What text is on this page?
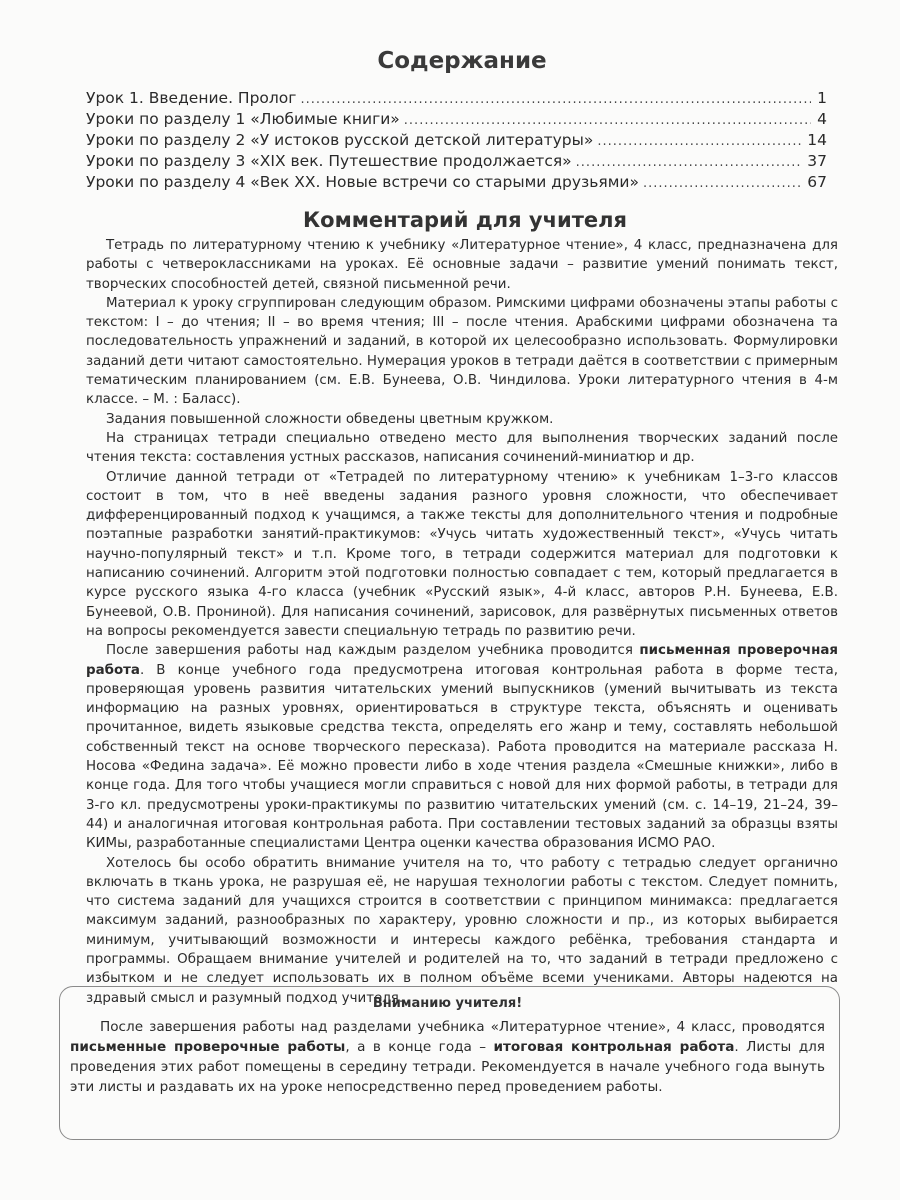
Содержание
Урок 1. Введение. Пролог .....	1
Уроки по разделу 1 «Любимые книги» .....	4
Уроки по разделу 2 «У истоков русской детской литературы» .....	14
Уроки по разделу 3 «XIX век. Путешествие продолжается» .....	37
Уроки по разделу 4 «Век XX. Новые встречи со старыми друзьями» .....	67
Комментарий для учителя

Тетрадь по литературному чтению к учебнику «Литературное чтение», 4 класс, предназначена для работы с четвероклассниками на уроках. Её основные задачи – развитие умений понимать текст, творческих способностей детей, связной письменной речи.

Материал к уроку сгруппирован следующим образом. Римскими цифрами обозначены этапы работы с текстом: I – до чтения; II – во время чтения; III – после чтения. Арабскими цифрами обозначена та последовательность упражнений и заданий, в которой их целесообразно использовать. Формулировки заданий дети читают самостоятельно. Нумерация уроков в тетради даётся в соответствии с примерным тематическим планированием (см. Е.В. Бунеева, О.В. Чиндилова. Уроки литературного чтения в 4-м классе. – М. : Баласс).

Задания повышенной сложности обведены цветным кружком.

На страницах тетради специально отведено место для выполнения творческих заданий после чтения текста: составления устных рассказов, написания сочинений-миниатюр и др.

Отличие данной тетради от «Тетрадей по литературному чтению» к учебникам 1–3-го классов состоит в том, что в неё введены задания разного уровня сложности, что обеспечивает дифференцированный подход к учащимся, а также тексты для дополнительного чтения и подробные поэтапные разработки занятий-практикумов: «Учусь читать художественный текст», «Учусь читать научно-популярный текст» и т.п. Кроме того, в тетради содержится материал для подготовки к написанию сочинений. Алгоритм этой подготовки полностью совпадает с тем, который предлагается в курсе русского языка 4-го класса (учебник «Русский язык», 4-й класс, авторов Р.Н. Бунеева, Е.В. Бунеевой, О.В. Прониной). Для написания сочинений, зарисовок, для развёрнутых письменных ответов на вопросы рекомендуется завести специальную тетрадь по развитию речи.

После завершения работы над каждым разделом учебника проводится письменная проверочная работа. В конце учебного года предусмотрена итоговая контрольная работа в форме теста, проверяющая уровень развития читательских умений выпускников (умений вычитывать из текста информацию на разных уровнях, ориентироваться в структуре текста, объяснять и оценивать прочитанное, видеть языковые средства текста, определять его жанр и тему, составлять небольшой собственный текст на основе творческого пересказа). Работа проводится на материале рассказа Н. Носова «Федина задача». Её можно провести либо в ходе чтения раздела «Смешные книжки», либо в конце года. Для того чтобы учащиеся могли справиться с новой для них формой работы, в тетради для 3-го кл. предусмотрены уроки-практикумы по развитию читательских умений (см. с. 14–19, 21–24, 39–44) и аналогичная итоговая контрольная работа. При составлении тестовых заданий за образцы взяты КИМы, разработанные специалистами Центра оценки качества образования ИСМО РАО.

Хотелось бы особо обратить внимание учителя на то, что работу с тетрадью следует органично включать в ткань урока, не разрушая её, не нарушая технологии работы с текстом. Следует помнить, что система заданий для учащихся строится в соответствии с принципом минимакса: предлагается максимум заданий, разнообразных по характеру, уровню сложности и пр., из которых выбирается минимум, учитывающий возможности и интересы каждого ребёнка, требования стандарта и программы. Обращаем внимание учителей и родителей на то, что заданий в тетради предложено с избытком и не следует использовать их в полном объёме всеми учениками. Авторы надеются на здравый смысл и разумный подход учителя.

Вниманию учителя!

После завершения работы над разделами учебника «Литературное чтение», 4 класс, проводятся письменные проверочные работы, а в конце года – итоговая контрольная работа. Листы для проведения этих работ помещены в середину тетради. Рекомендуется в начале учебного года вынуть эти листы и раздавать их на уроке непосредственно перед проведением работы.
